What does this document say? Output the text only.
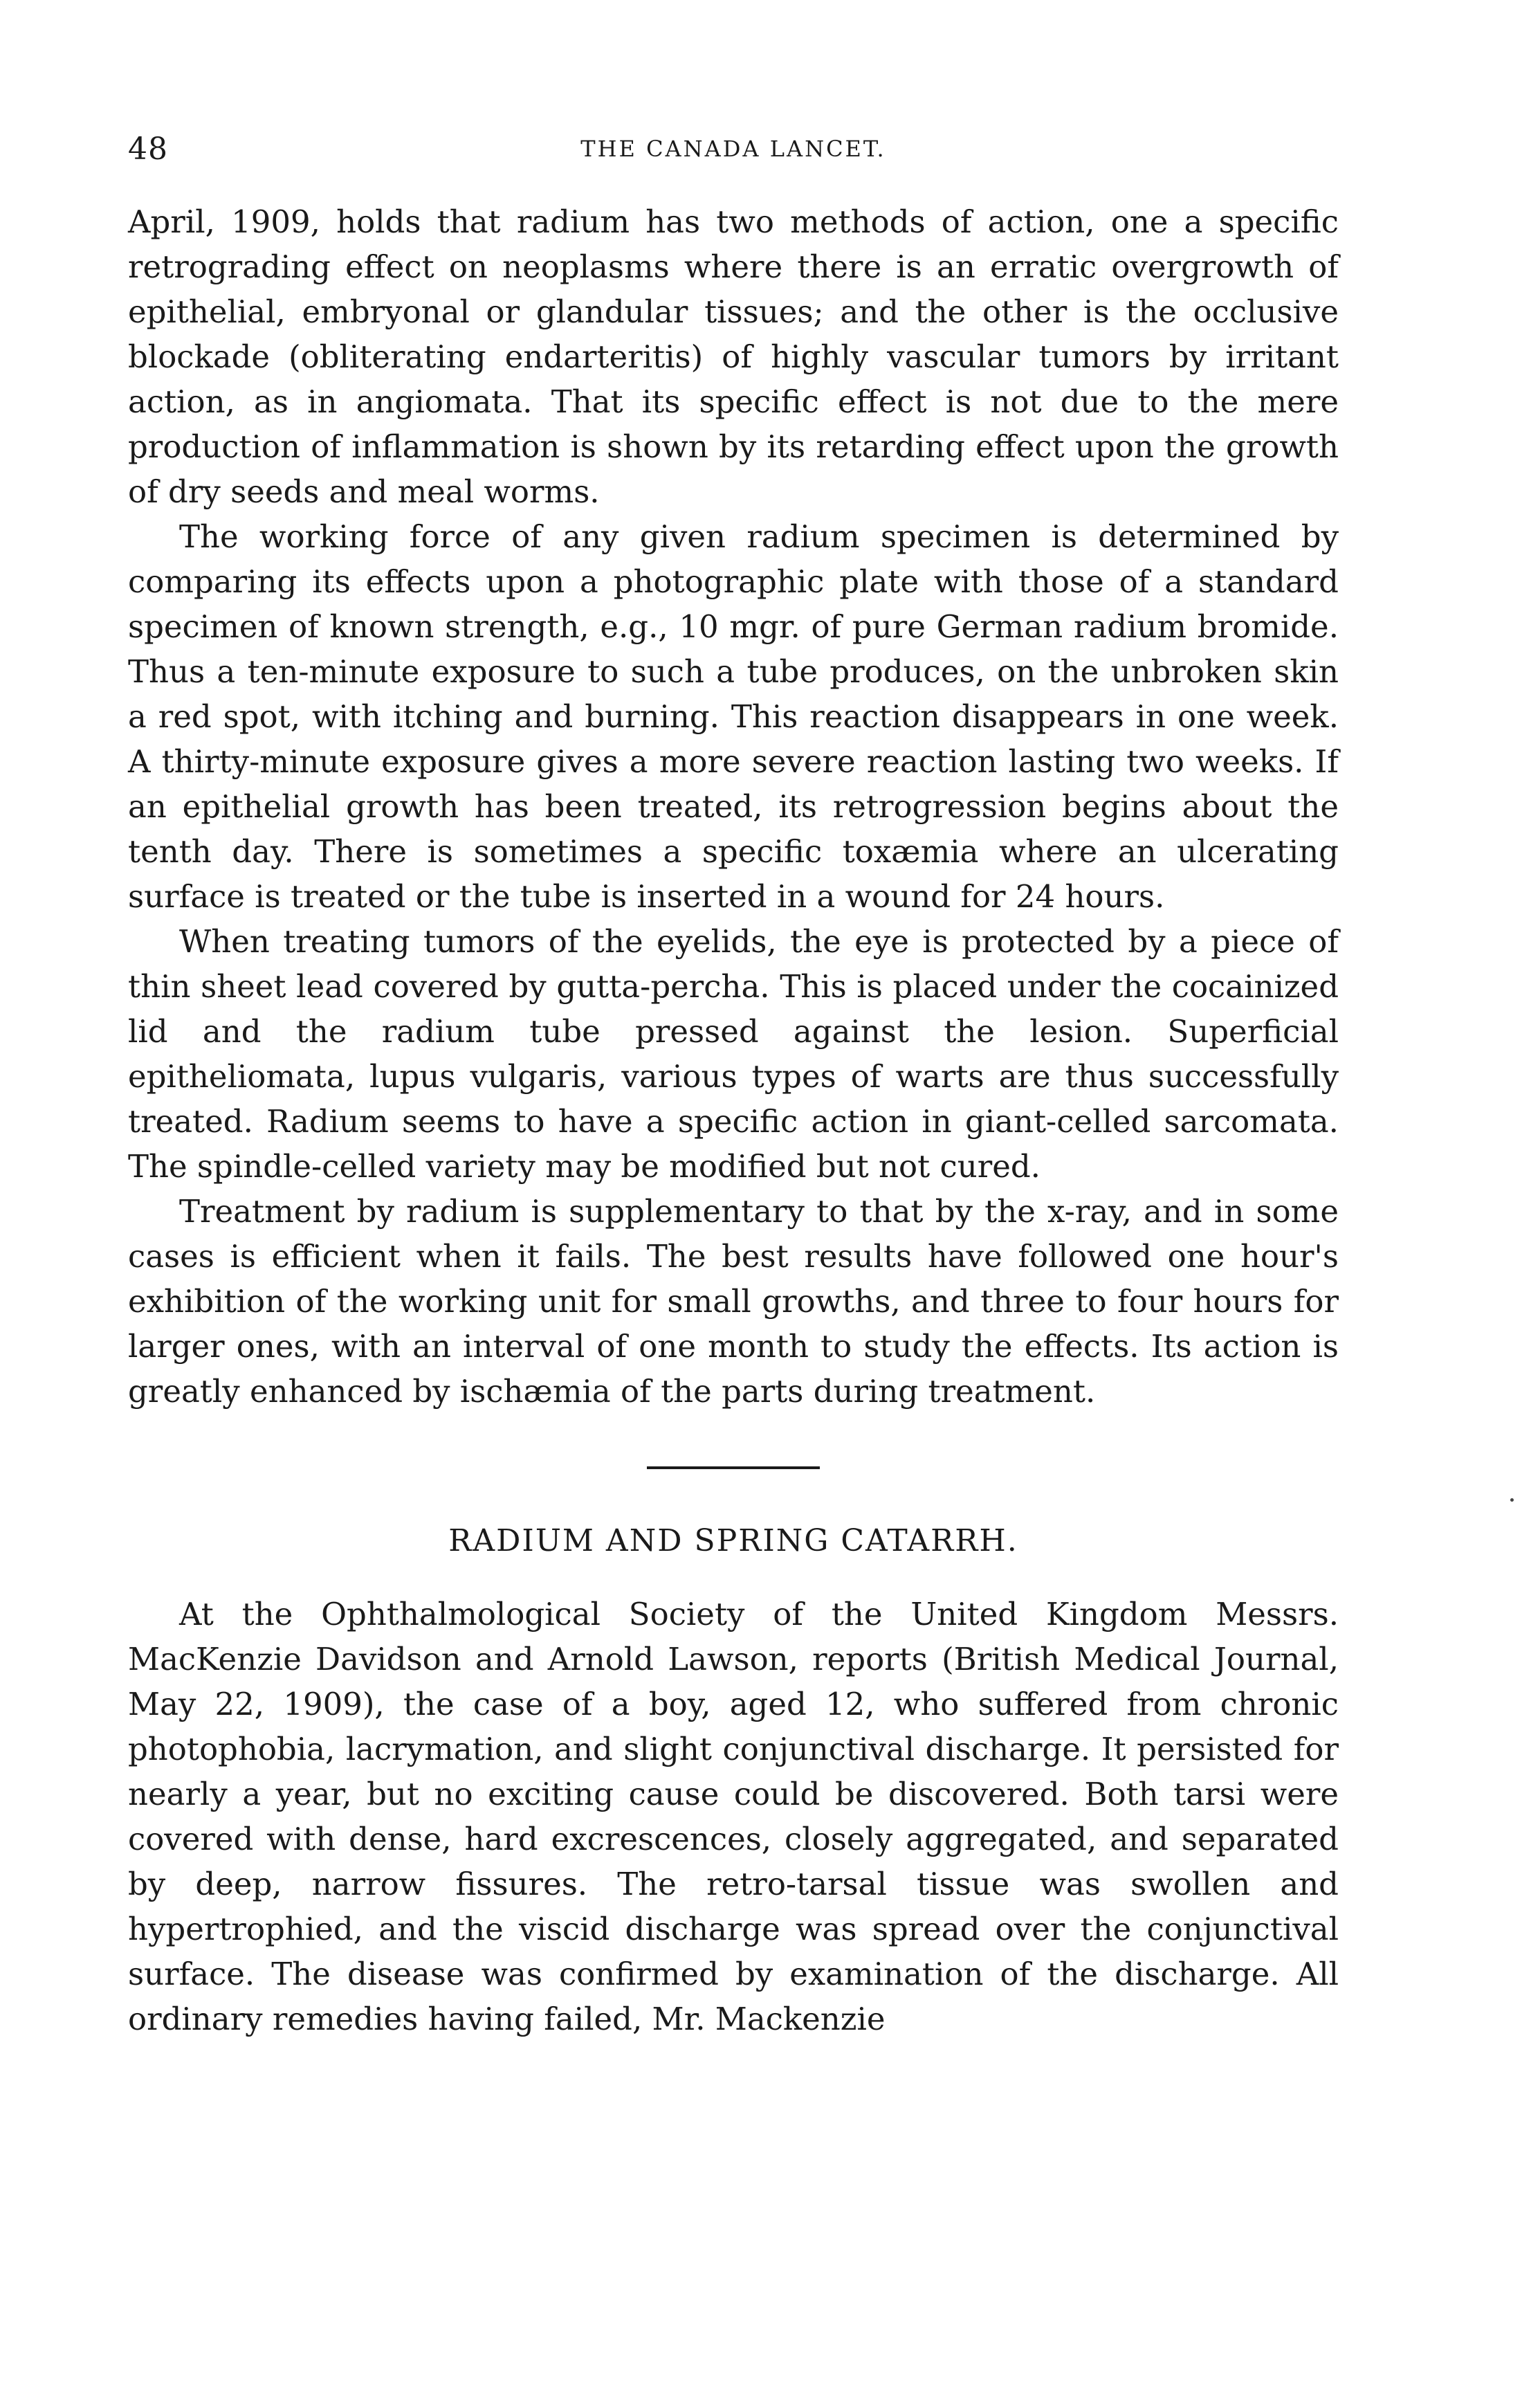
48	THE CANADA LANCET.

April, 1909, holds that radium has two methods of action, one a specific retrograding effect on neoplasms where there is an erratic overgrowth of epithelial, embryonal or glandular tissues; and the other is the occlusive blockade (obliterating endarteritis) of highly vascular tumors by irritant action, as in angiomata. That its specific effect is not due to the mere production of inflammation is shown by its retarding effect upon the growth of dry seeds and meal worms.

The working force of any given radium specimen is determined by comparing its effects upon a photographic plate with those of a standard specimen of known strength, e.g., 10 mgr. of pure German radium bromide. Thus a ten-minute exposure to such a tube produces, on the unbroken skin a red spot, with itching and burning. This reaction disappears in one week. A thirty-minute exposure gives a more severe reaction lasting two weeks. If an epithelial growth has been treated, its retrogression begins about the tenth day. There is sometimes a specific toxæmia where an ulcerating surface is treated or the tube is inserted in a wound for 24 hours.

When treating tumors of the eyelids, the eye is protected by a piece of thin sheet lead covered by gutta-percha. This is placed under the cocainized lid and the radium tube pressed against the lesion. Superficial epitheliomata, lupus vulgaris, various types of warts are thus successfully treated. Radium seems to have a specific action in giant-celled sarcomata. The spindle-celled variety may be modified but not cured.

Treatment by radium is supplementary to that by the x-ray, and in some cases is efficient when it fails. The best results have followed one hour's exhibition of the working unit for small growths, and three to four hours for larger ones, with an interval of one month to study the effects. Its action is greatly enhanced by ischæmia of the parts during treatment.

RADIUM AND SPRING CATARRH.

At the Ophthalmological Society of the United Kingdom Messrs. MacKenzie Davidson and Arnold Lawson, reports (British Medical Journal, May 22, 1909), the case of a boy, aged 12, who suffered from chronic photophobia, lacrymation, and slight conjunctival discharge. It persisted for nearly a year, but no exciting cause could be discovered. Both tarsi were covered with dense, hard excrescences, closely aggregated, and separated by deep, narrow fissures. The retro-tarsal tissue was swollen and hypertrophied, and the viscid discharge was spread over the conjunctival surface. The disease was confirmed by examination of the discharge. All ordinary remedies having failed, Mr. Mackenzie
